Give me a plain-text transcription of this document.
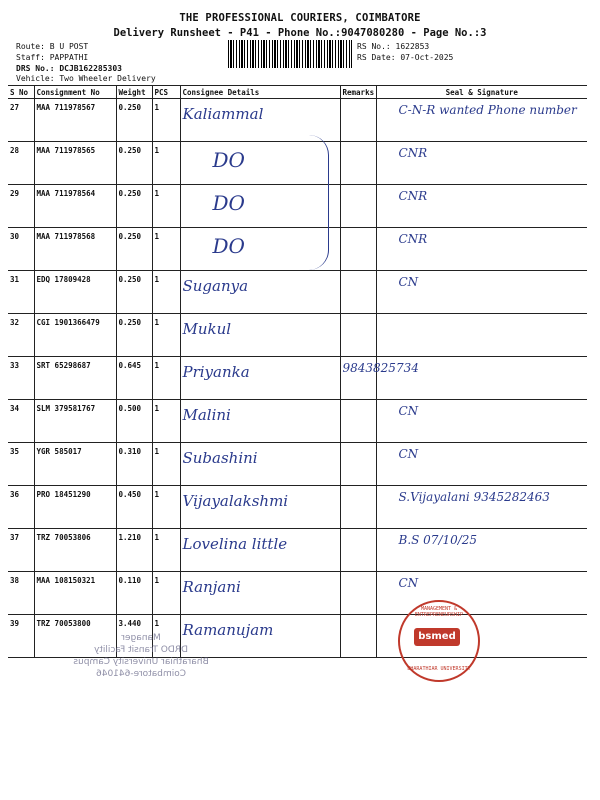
THE PROFESSIONAL COURIERS, COIMBATORE
Delivery Runsheet - P41 - Phone No.:9047080280 - Page No.:3
Route: B U POST
Staff: PAPPATHI
DRS No.: DCJB162285303
Vehicle: Two Wheeler Delivery
RS No.: 1622853
RS Date: 07-Oct-2025
S No	Consignment No	Weight	PCS	Consignee Details	Remarks	Seal & Signature
27	MAA 711978567	0.250	1	Kaliammal		C-N-R wanted Phone number

28	MAA 711978565	0.250	1	DO		CNR

29	MAA 711978564	0.250	1	DO		CNR

30	MAA 711978568	0.250	1	DO		CNR

31	EDQ 17809428	0.250	1	Suganya		CN

32	CGI 1901366479	0.250	1	Mukul	

33	SRT 65298687	0.645	1	Priyanka	9843825734	

34	SLM 379581767	0.500	1	Malini		CN

35	YGR 585017	0.310	1	Subashini		CN

36	PRO 18451290	0.450	1	Vijayalakshmi		S.Vijayalani 9345282463

37	TRZ 70053806	1.210	1	Lovelina little		B.S 07/10/25

38	MAA 108150321	0.110	1	Ranjani		CN

39	TRZ 70053800	3.440	1	Ramanujam	

MANAGEMENT & ENTREPRENEURSHIP
bsmed
BHARATHIAR UNIVERSITY
Manager
DRDO Transit Facility
Bharathiar University Campus
Coimbatore-641046
